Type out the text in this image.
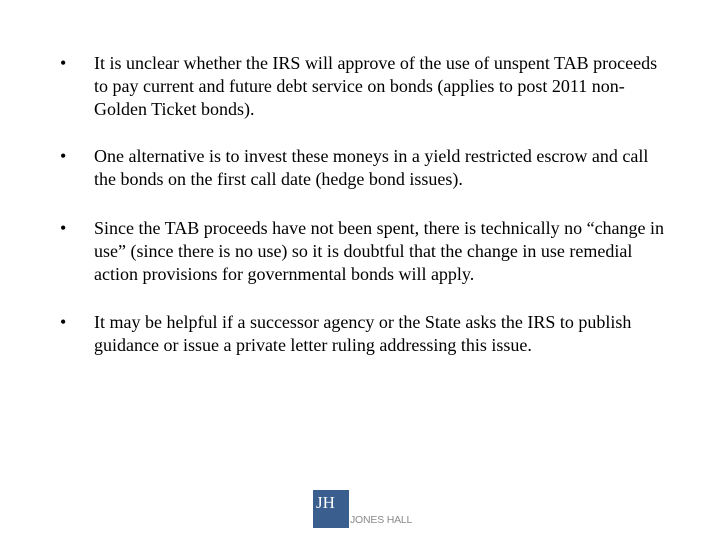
•	It is unclear whether the IRS will approve of the use of unspent TAB proceeds to pay current and future debt service on bonds (applies to post 2011 non-Golden Ticket bonds).
•	One alternative is to invest these moneys in a yield restricted escrow and call the bonds on the first call date (hedge bond issues).
•	Since the TAB proceeds have not been spent, there is technically no “change in use” (since there is no use) so it is doubtful that the change in use remedial action provisions for governmental bonds will apply.
•	It may be helpful if a successor agency or the State asks the IRS to publish guidance or issue a private letter ruling addressing this issue.
JH
JONES HALL
